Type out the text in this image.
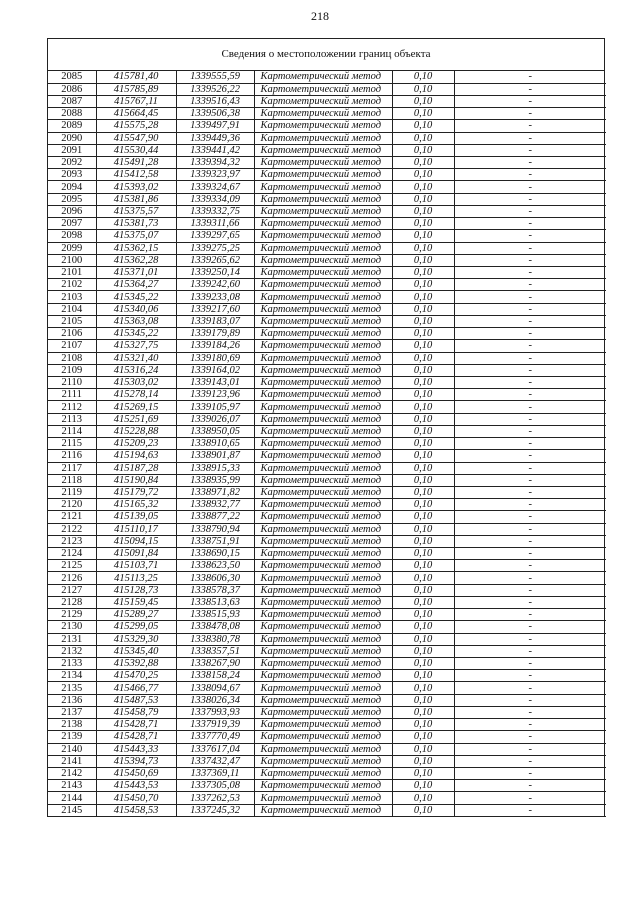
218
Сведения о местоположении границ объекта
2085	415781,40	1339555,59	Картометрический метод	0,10	-
2086	415785,89	1339526,22	Картометрический метод	0,10	-
2087	415767,11	1339516,43	Картометрический метод	0,10	-
2088	415664,45	1339506,38	Картометрический метод	0,10	-
2089	415575,28	1339497,91	Картометрический метод	0,10	-
2090	415547,90	1339449,36	Картометрический метод	0,10	-
2091	415530,44	1339441,42	Картометрический метод	0,10	-
2092	415491,28	1339394,32	Картометрический метод	0,10	-
2093	415412,58	1339323,97	Картометрический метод	0,10	-
2094	415393,02	1339324,67	Картометрический метод	0,10	-
2095	415381,86	1339334,09	Картометрический метод	0,10	-
2096	415375,57	1339332,75	Картометрический метод	0,10	-
2097	415381,73	1339311,66	Картометрический метод	0,10	-
2098	415375,07	1339297,65	Картометрический метод	0,10	-
2099	415362,15	1339275,25	Картометрический метод	0,10	-
2100	415362,28	1339265,62	Картометрический метод	0,10	-
2101	415371,01	1339250,14	Картометрический метод	0,10	-
2102	415364,27	1339242,60	Картометрический метод	0,10	-
2103	415345,22	1339233,08	Картометрический метод	0,10	-
2104	415340,06	1339217,60	Картометрический метод	0,10	-
2105	415363,08	1339183,07	Картометрический метод	0,10	-
2106	415345,22	1339179,89	Картометрический метод	0,10	-
2107	415327,75	1339184,26	Картометрический метод	0,10	-
2108	415321,40	1339180,69	Картометрический метод	0,10	-
2109	415316,24	1339164,02	Картометрический метод	0,10	-
2110	415303,02	1339143,01	Картометрический метод	0,10	-
2111	415278,14	1339123,96	Картометрический метод	0,10	-
2112	415269,15	1339105,97	Картометрический метод	0,10	-
2113	415251,69	1339026,07	Картометрический метод	0,10	-
2114	415228,88	1338950,05	Картометрический метод	0,10	-
2115	415209,23	1338910,65	Картометрический метод	0,10	-
2116	415194,63	1338901,87	Картометрический метод	0,10	-
2117	415187,28	1338915,33	Картометрический метод	0,10	-
2118	415190,84	1338935,99	Картометрический метод	0,10	-
2119	415179,72	1338971,82	Картометрический метод	0,10	-
2120	415165,32	1338932,77	Картометрический метод	0,10	-
2121	415139,05	1338877,22	Картометрический метод	0,10	-
2122	415110,17	1338790,94	Картометрический метод	0,10	-
2123	415094,15	1338751,91	Картометрический метод	0,10	-
2124	415091,84	1338690,15	Картометрический метод	0,10	-
2125	415103,71	1338623,50	Картометрический метод	0,10	-
2126	415113,25	1338606,30	Картометрический метод	0,10	-
2127	415128,73	1338578,37	Картометрический метод	0,10	-
2128	415159,45	1338513,63	Картометрический метод	0,10	-
2129	415289,27	1338515,93	Картометрический метод	0,10	-
2130	415299,05	1338478,08	Картометрический метод	0,10	-
2131	415329,30	1338380,78	Картометрический метод	0,10	-
2132	415345,40	1338357,51	Картометрический метод	0,10	-
2133	415392,88	1338267,90	Картометрический метод	0,10	-
2134	415470,25	1338158,24	Картометрический метод	0,10	-
2135	415466,77	1338094,67	Картометрический метод	0,10	-
2136	415487,53	1338026,34	Картометрический метод	0,10	-
2137	415458,79	1337993,93	Картометрический метод	0,10	-
2138	415428,71	1337919,39	Картометрический метод	0,10	-
2139	415428,71	1337770,49	Картометрический метод	0,10	-
2140	415443,33	1337617,04	Картометрический метод	0,10	-
2141	415394,73	1337432,47	Картометрический метод	0,10	-
2142	415450,69	1337369,11	Картометрический метод	0,10	-
2143	415443,53	1337305,08	Картометрический метод	0,10	-
2144	415450,70	1337262,53	Картометрический метод	0,10	-
2145	415458,53	1337245,32	Картометрический метод	0,10	-
